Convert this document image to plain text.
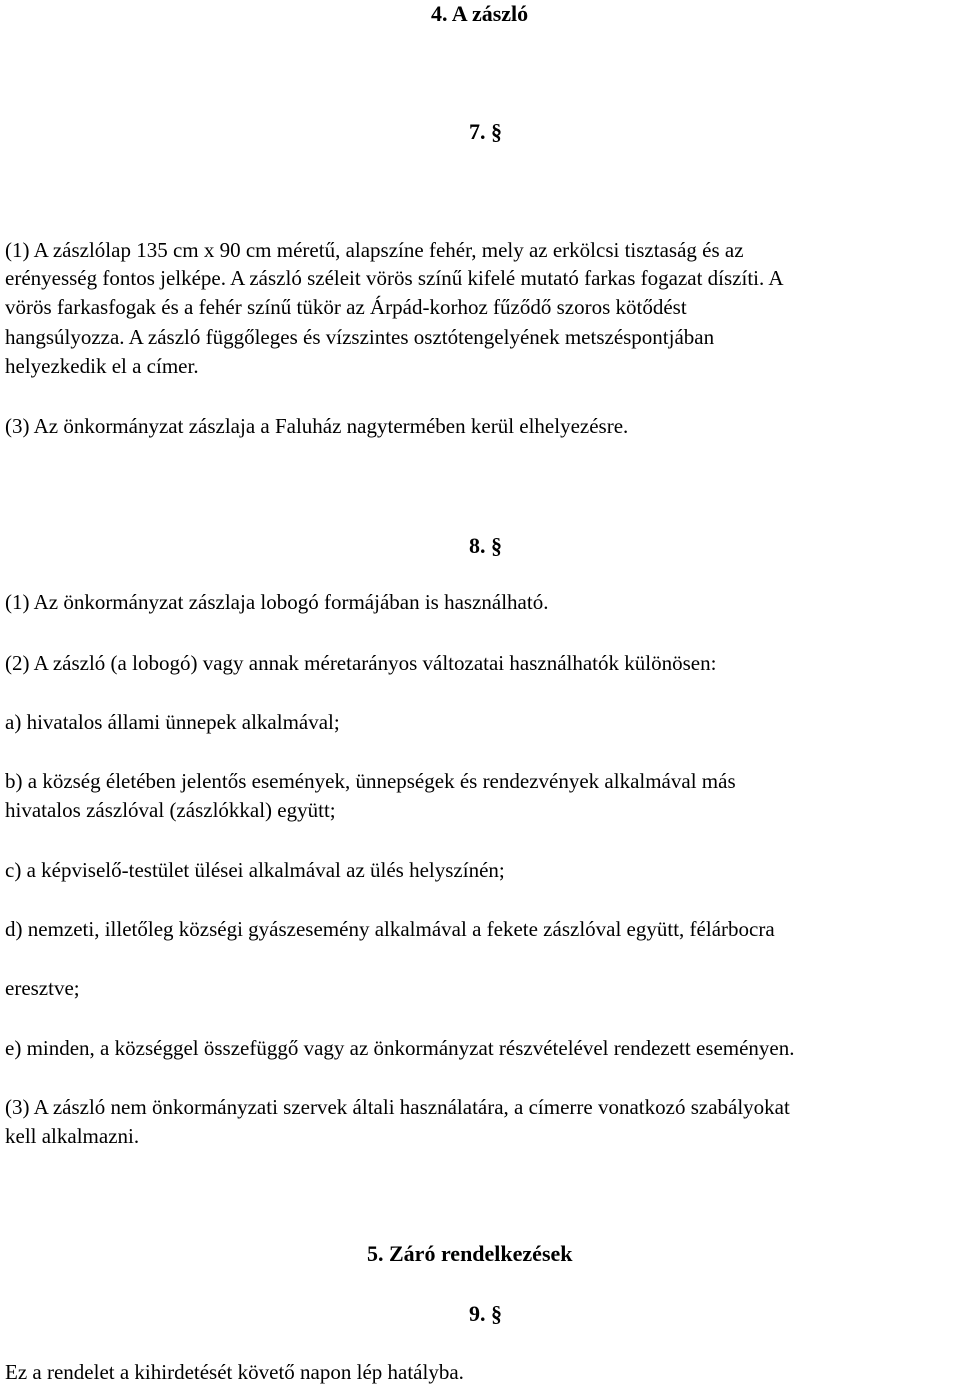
4. A zászló
7. §

(1) A zászlólap 135 cm x 90 cm méretű, alapszíne fehér, mely az erkölcsi tisztaság és az

erényesség fontos jelképe. A zászló széleit vörös színű kifelé mutató farkas fogazat díszíti. A

vörös farkasfogak és a fehér színű tükör az Árpád-korhoz fűződő szoros kötődést

hangsúlyozza. A zászló függőleges és vízszintes osztótengelyének metszéspontjában

helyezkedik el a címer.

(3) Az önkormányzat zászlaja a Faluház nagytermében kerül elhelyezésre.

8. §

(1) Az önkormányzat zászlaja lobogó formájában is használható.

(2) A zászló (a lobogó) vagy annak méretarányos változatai használhatók különösen:

a) hivatalos állami ünnepek alkalmával;

b) a község életében jelentős események, ünnepségek és rendezvények alkalmával más

hivatalos zászlóval (zászlókkal) együtt;

c) a képviselő-testület ülései alkalmával az ülés helyszínén;

d) nemzeti, illetőleg községi gyászesemény alkalmával a fekete zászlóval együtt, félárbocra

eresztve;

e) minden, a községgel összefüggő vagy az önkormányzat részvételével rendezett eseményen.

(3) A zászló nem önkormányzati szervek általi használatára, a címerre vonatkozó szabályokat

kell alkalmazni.

5. Záró rendelkezések
9. §

Ez a rendelet a kihirdetését követő napon lép hatályba.
